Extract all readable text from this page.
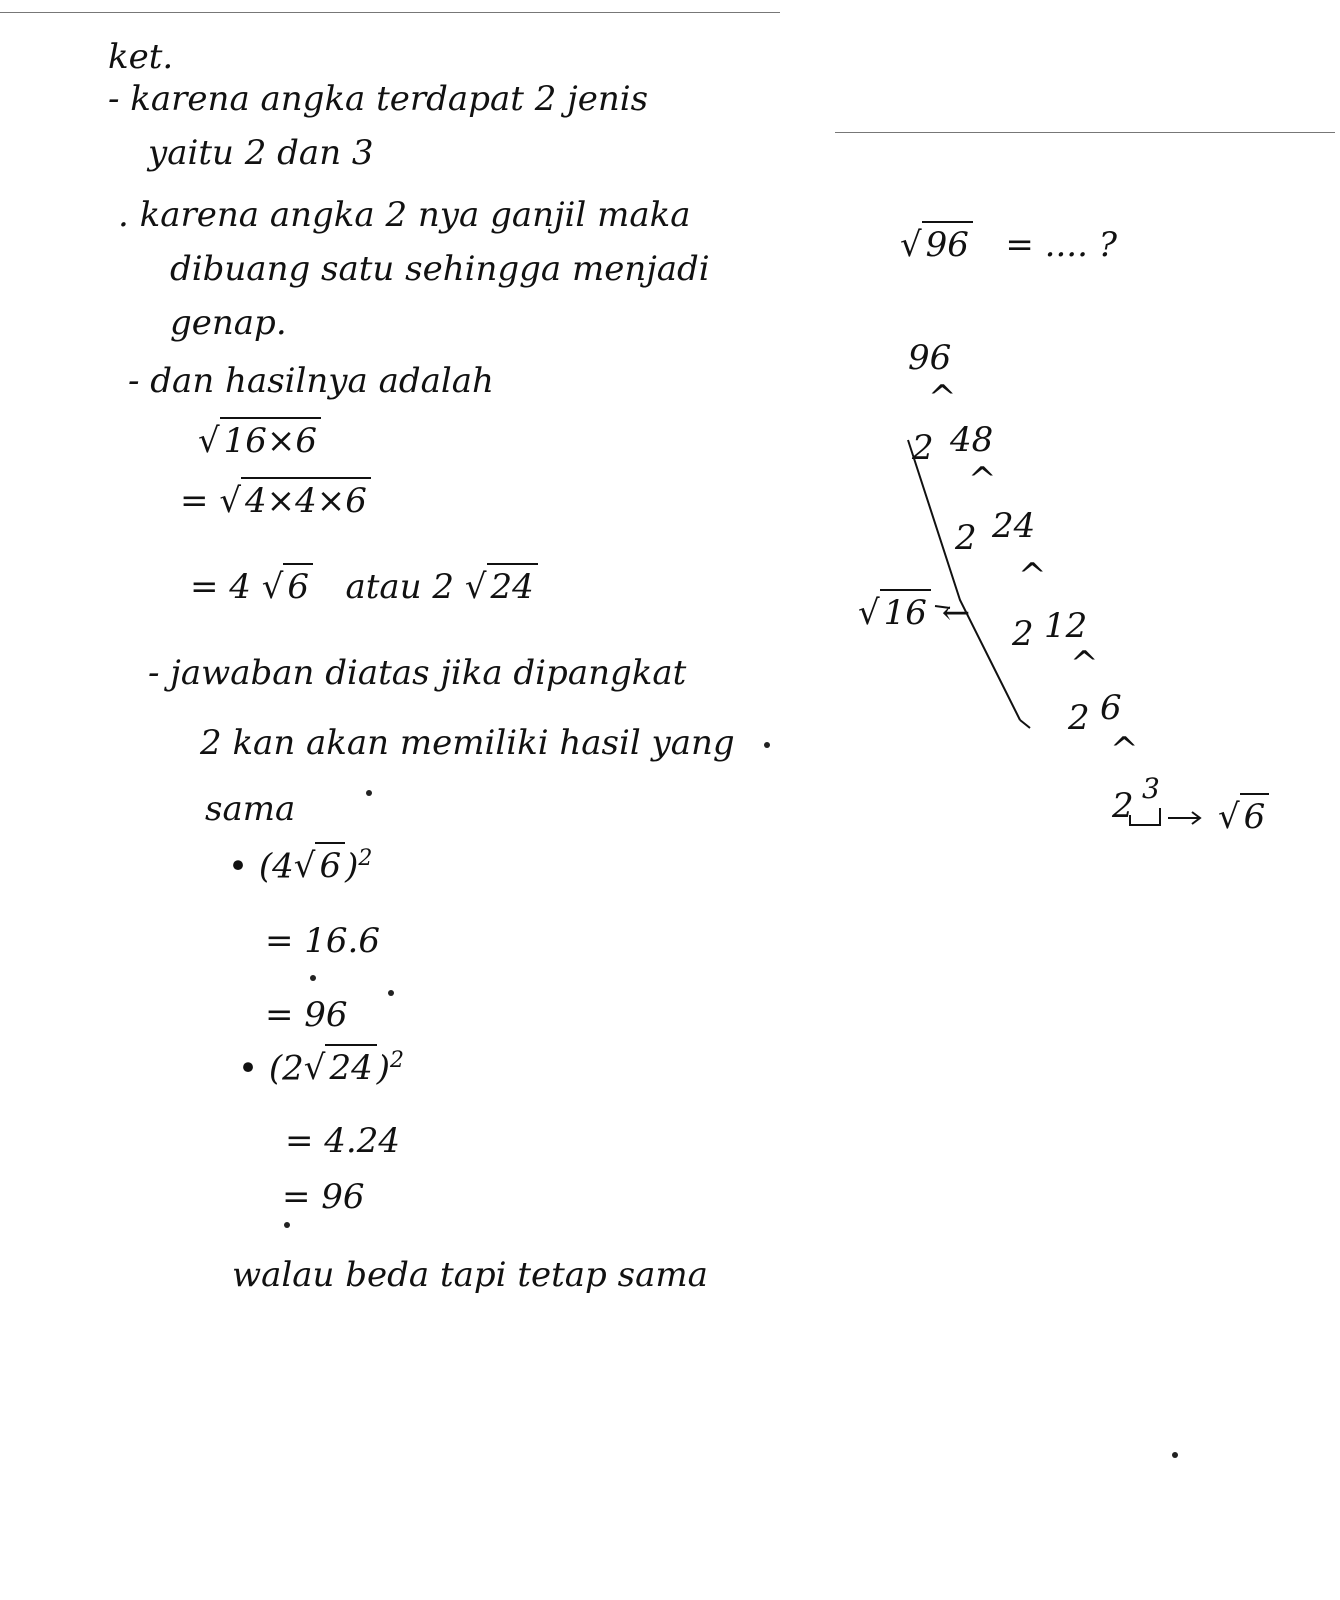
ket.
- karena angka terdapat 2 jenis
yaitu 2 dan 3
. karena angka 2 nya ganjil maka
dibuang satu sehingga menjadi
genap.
- dan hasilnya adalah
√ 16×6
= √ 4×4×6
= 4 √ 6 atau 2 √ 24
- jawaban diatas jika dipangkat
2 kan akan memiliki hasil yang
sama
• (4√ 6 )$^2$
= 16.6
= 96
• (2√ 24 )$^2$
= 4.24
= 96
walau beda tapi tetap sama
√ 96 = .... ?
96
^
2 48
^
2 24
^
2 12
^
2 6
^
2 3
√ 16 ←
√ 6
